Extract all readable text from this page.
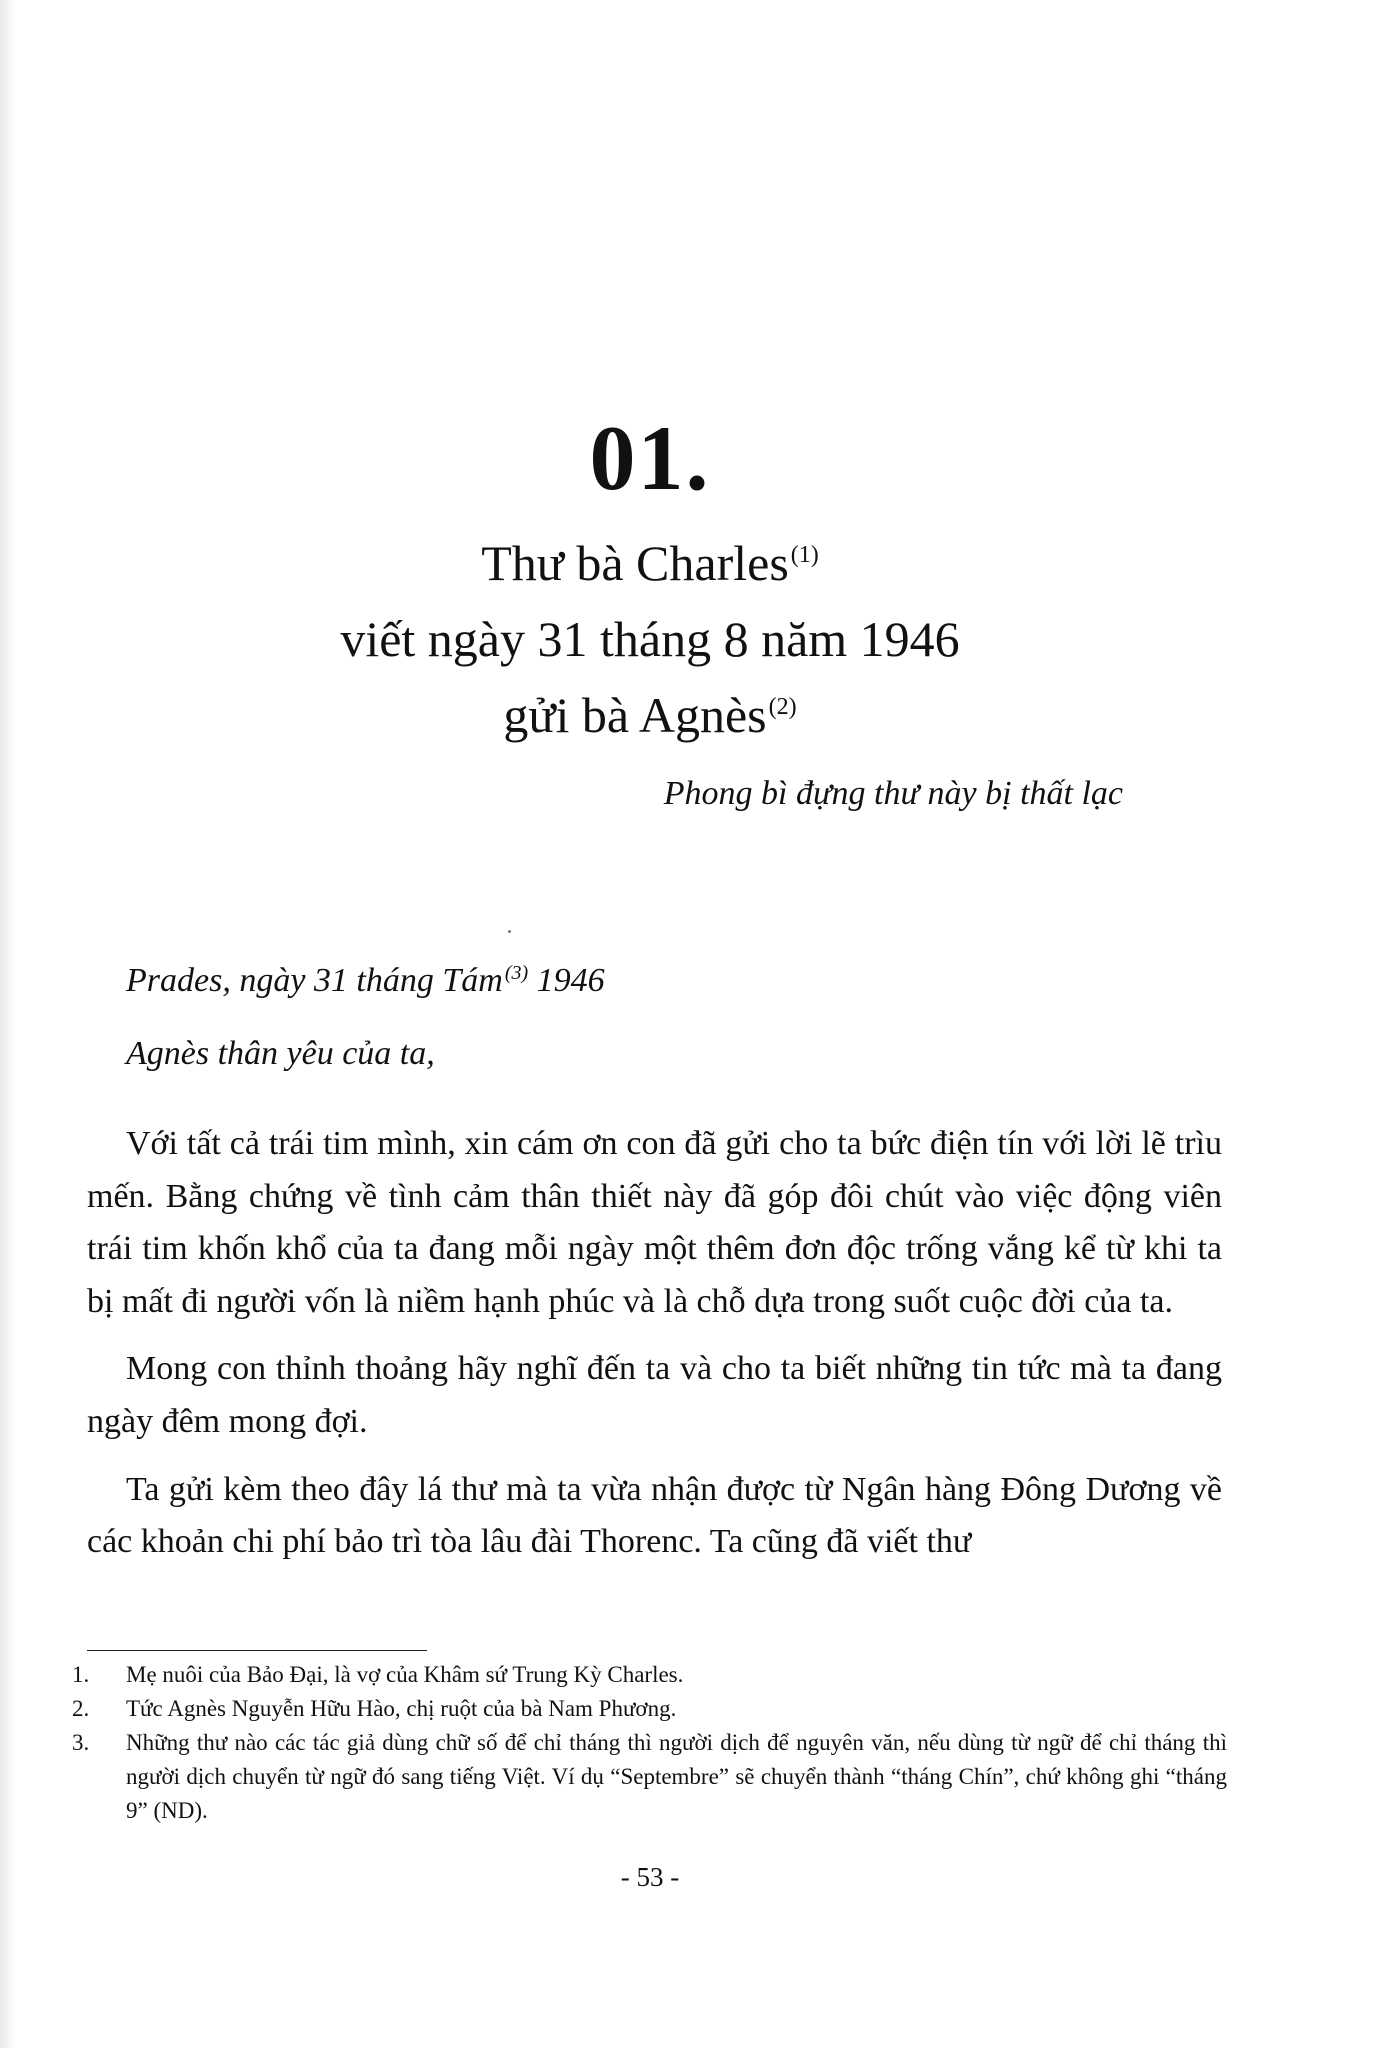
01.
Thư bà Charles$^{(1)}$
viết ngày 31 tháng 8 năm 1946
gửi bà Agnès$^{(2)}$
Phong bì đựng thư này bị thất lạc
Prades, ngày 31 tháng Tám $^{(3)}$ 1946
Agnès thân yêu của ta,

Với tất cả trái tim mình, xin cám ơn con đã gửi cho ta bức điện tín với lời lẽ trìu mến. Bằng chứng về tình cảm thân thiết này đã góp đôi chút vào việc động viên trái tim khốn khổ của ta đang mỗi ngày một thêm đơn độc trống vắng kể từ khi ta bị mất đi người vốn là niềm hạnh phúc và là chỗ dựa trong suốt cuộc đời của ta.

Mong con thỉnh thoảng hãy nghĩ đến ta và cho ta biết những tin tức mà ta đang ngày đêm mong đợi.

Ta gửi kèm theo đây lá thư mà ta vừa nhận được từ Ngân hàng Đông Dương về các khoản chi phí bảo trì tòa lâu đài Thorenc. Ta cũng đã viết thư

1.	Mẹ nuôi của Bảo Đại, là vợ của Khâm sứ Trung Kỳ Charles.
2.	Tức Agnès Nguyễn Hữu Hào, chị ruột của bà Nam Phương.
3.	Những thư nào các tác giả dùng chữ số để chỉ tháng thì người dịch để nguyên văn, nếu dùng từ ngữ để chỉ tháng thì người dịch chuyển từ ngữ đó sang tiếng Việt. Ví dụ “Septembre” sẽ chuyển thành “tháng Chín”, chứ không ghi “tháng 9” (ND).
- 53 -
